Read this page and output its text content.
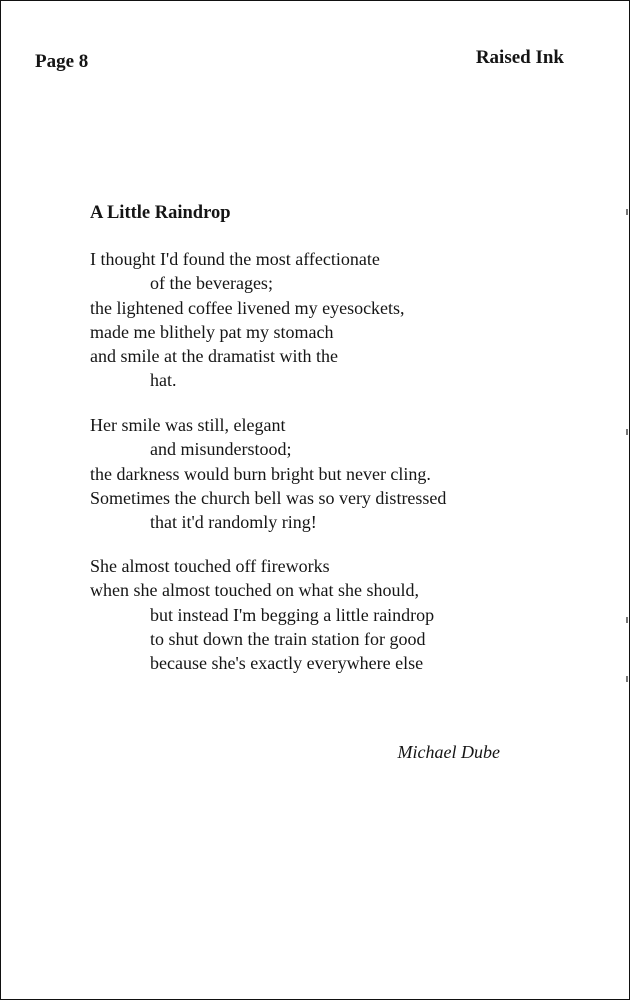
Page 8	Raised Ink
A Little Raindrop
I thought I'd found the most affectionate
of the beverages;
the lightened coffee livened my eyesockets,
made me blithely pat my stomach
and smile at the dramatist with the
hat.
Her smile was still, elegant
and misunderstood;
the darkness would burn bright but never cling.
Sometimes the church bell was so very distressed
that it'd randomly ring!
She almost touched off fireworks
when she almost touched on what she should,
but instead I'm begging a little raindrop
to shut down the train station for good
because she's exactly everywhere else
Michael Dube
